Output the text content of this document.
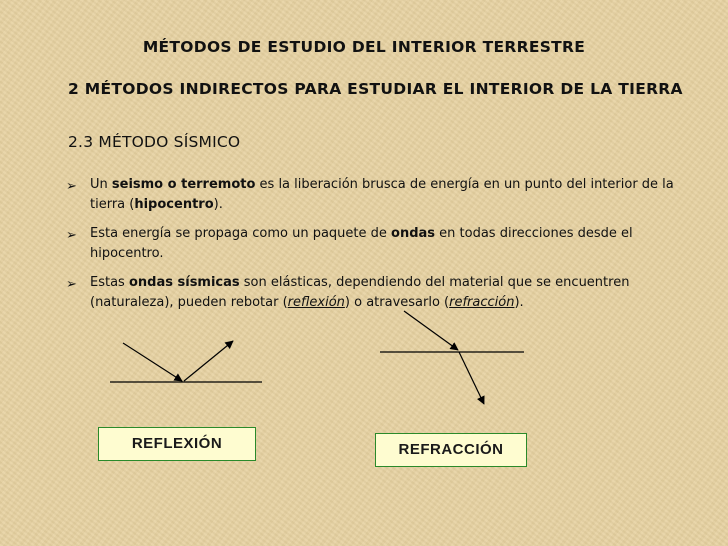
MÉTODOS DE ESTUDIO DEL INTERIOR TERRESTRE
2 MÉTODOS INDIRECTOS PARA ESTUDIAR EL INTERIOR DE LA TIERRA
2.3 MÉTODO SÍSMICO
➢ Un seismo o terremoto es la liberación brusca de energía en un punto del interior de la tierra (hipocentro).
➢ Esta energía se propaga como un paquete de ondas en todas direcciones desde el hipocentro.
➢ Estas ondas sísmicas son elásticas, dependiendo del material que se encuentren (naturaleza), pueden rebotar (reflexión) o atravesarlo (refracción).
REFLEXIÓN	REFRACCIÓN
